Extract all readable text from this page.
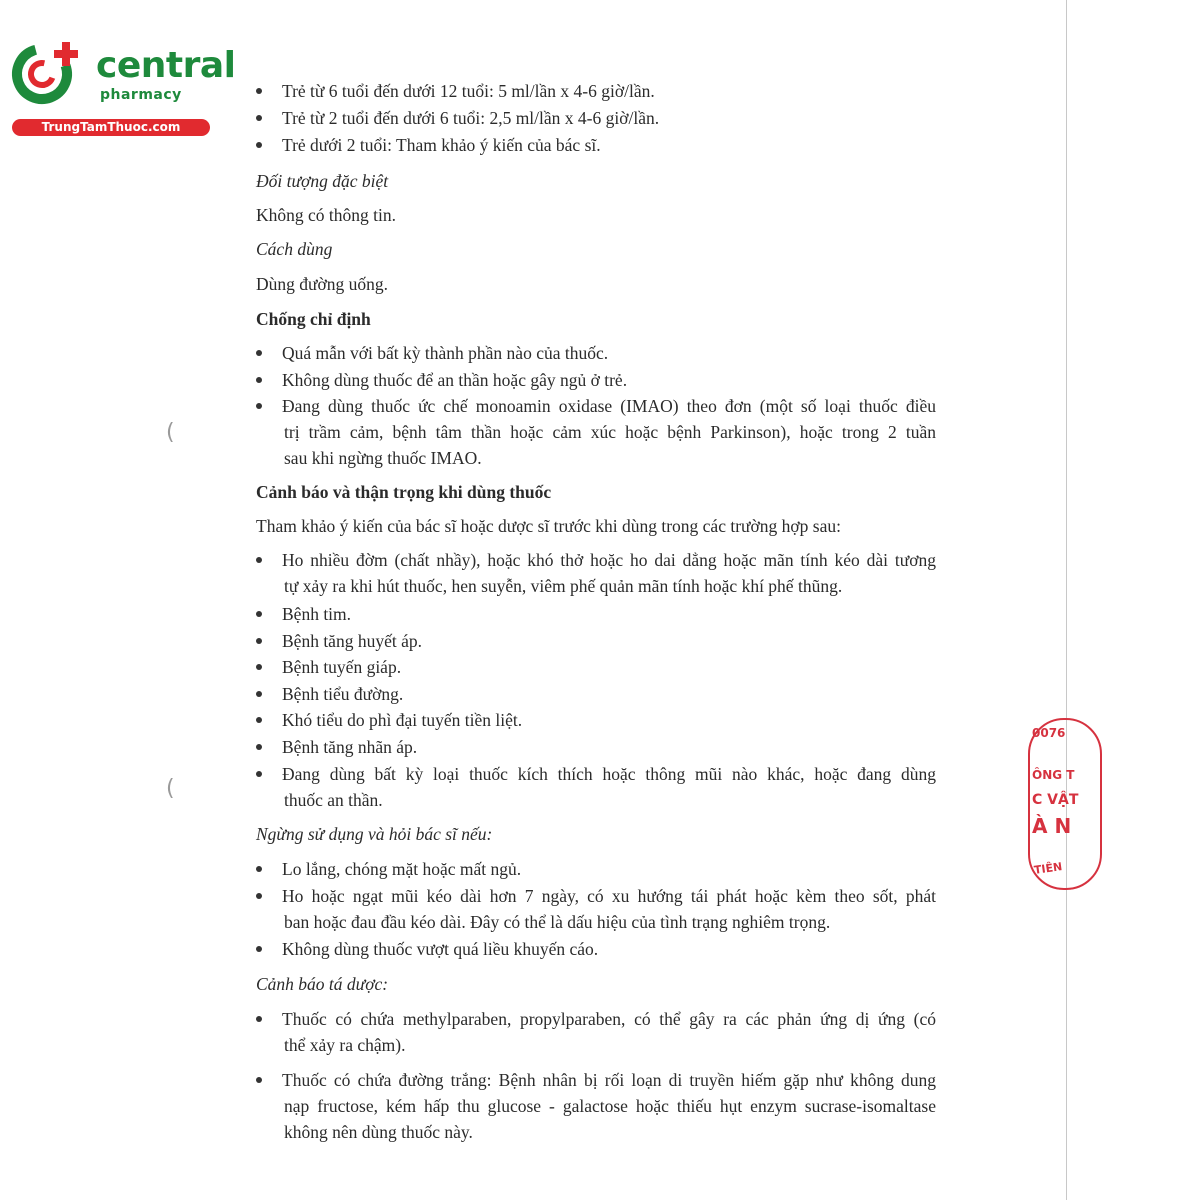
central
pharmacy
TrungTamThuoc.com
0076
ÔNG T
C VẬT
À N
TIÊN
(
(
Trẻ từ 6 tuổi đến dưới 12 tuổi: 5 ml/lần x 4-6 giờ/lần.
Trẻ từ 2 tuổi đến dưới 6 tuổi: 2,5 ml/lần x 4-6 giờ/lần.
Trẻ dưới 2 tuổi: Tham khảo ý kiến của bác sĩ.
Đối tượng đặc biệt
Không có thông tin.
Cách dùng
Dùng đường uống.
Chống chỉ định
Quá mẫn với bất kỳ thành phần nào của thuốc.
Không dùng thuốc để an thần hoặc gây ngủ ở trẻ.
Đang dùng thuốc ức chế monoamin oxidase (IMAO) theo đơn (một số loại thuốc điều
trị trầm cảm, bệnh tâm thần hoặc cảm xúc hoặc bệnh Parkinson), hoặc trong 2 tuần
sau khi ngừng thuốc IMAO.
Cảnh báo và thận trọng khi dùng thuốc
Tham khảo ý kiến của bác sĩ hoặc dược sĩ trước khi dùng trong các trường hợp sau:
Ho nhiều đờm (chất nhầy), hoặc khó thở hoặc ho dai dẳng hoặc mãn tính kéo dài tương
tự xảy ra khi hút thuốc, hen suyễn, viêm phế quản mãn tính hoặc khí phế thũng.
Bệnh tim.
Bệnh tăng huyết áp.
Bệnh tuyến giáp.
Bệnh tiểu đường.
Khó tiểu do phì đại tuyến tiền liệt.
Bệnh tăng nhãn áp.
Đang dùng bất kỳ loại thuốc kích thích hoặc thông mũi nào khác, hoặc đang dùng
thuốc an thần.
Ngừng sử dụng và hỏi bác sĩ nếu:
Lo lắng, chóng mặt hoặc mất ngủ.
Ho hoặc ngạt mũi kéo dài hơn 7 ngày, có xu hướng tái phát hoặc kèm theo sốt, phát
ban hoặc đau đầu kéo dài. Đây có thể là dấu hiệu của tình trạng nghiêm trọng.
Không dùng thuốc vượt quá liều khuyến cáo.
Cảnh báo tá dược:
Thuốc có chứa methylparaben, propylparaben, có thể gây ra các phản ứng dị ứng (có
thể xảy ra chậm).
Thuốc có chứa đường trắng: Bệnh nhân bị rối loạn di truyền hiếm gặp như không dung
nạp fructose, kém hấp thu glucose - galactose hoặc thiếu hụt enzym sucrase-isomaltase
không nên dùng thuốc này.
